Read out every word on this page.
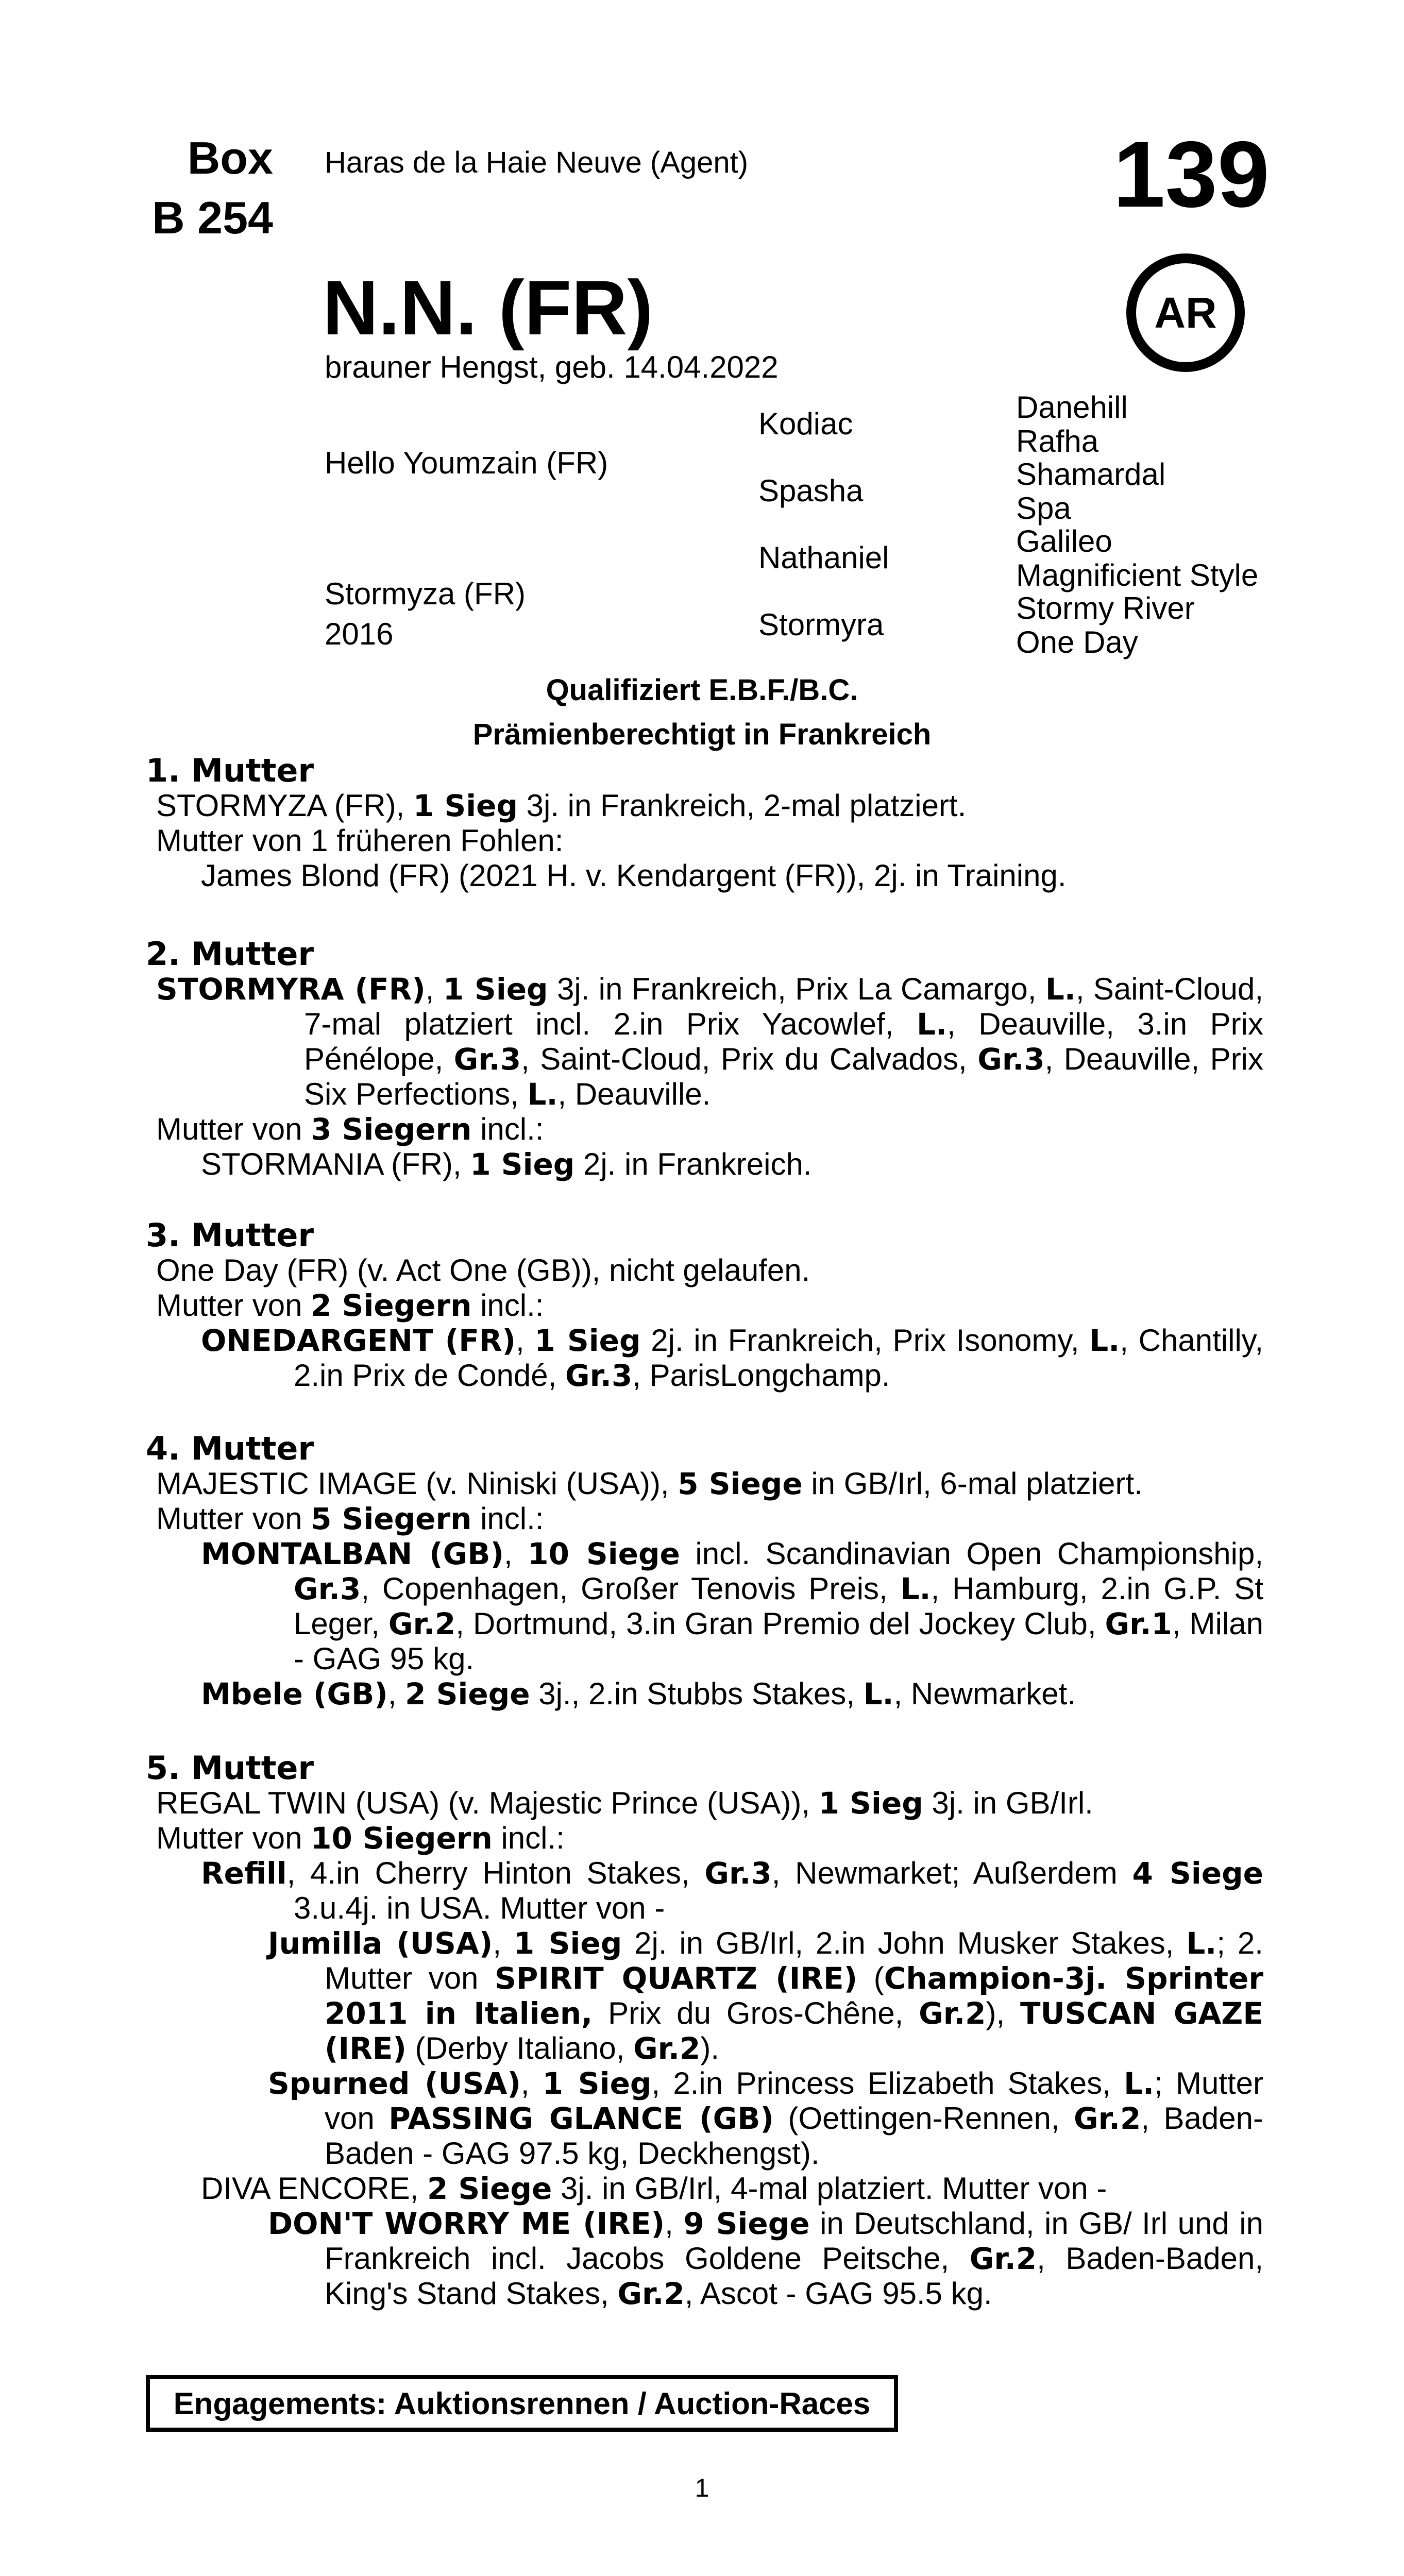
Box
B 254
Haras de la Haie Neuve (Agent)	139
AR
N.N. (FR)
brauner Hengst, geb. 14.04.2022
Hello Youmzain (FR)
Stormyza (FR)
2016
Kodiac
Spasha
Nathaniel
Stormyra
Danehill
Rafha
Shamardal
Spa
Galileo
Magnificient Style
Stormy River
One Day
Qualifiziert E.B.F./B.C.
Prämienberechtigt in Frankreich
1. Mutter
STORMYZA (FR), 1 Sieg 3j. in Frankreich, 2-mal platziert.
Mutter von 1 früheren Fohlen:
James Blond (FR) (2021 H. v. Kendargent (FR)), 2j. in Training.
2. Mutter
STORMYRA (FR), 1 Sieg 3j. in Frankreich, Prix La Camargo, L., Saint-Cloud, 7-mal platziert incl. 2.in Prix Yacowlef, L., Deauville, 3.in Prix Pénélope, Gr.3, Saint-Cloud, Prix du Calvados, Gr.3, Deauville, Prix Six Perfections, L., Deauville.
Mutter von 3 Siegern incl.:
STORMANIA (FR), 1 Sieg 2j. in Frankreich.
3. Mutter
One Day (FR) (v. Act One (GB)), nicht gelaufen.
Mutter von 2 Siegern incl.:
ONEDARGENT (FR), 1 Sieg 2j. in Frankreich, Prix Isonomy, L., Chantilly, 2.in Prix de Condé, Gr.3, ParisLongchamp.
4. Mutter
MAJESTIC IMAGE (v. Niniski (USA)), 5 Siege in GB/Irl, 6-mal platziert.
Mutter von 5 Siegern incl.:
MONTALBAN (GB), 10 Siege incl. Scandinavian Open Championship, Gr.3, Copenhagen, Großer Tenovis Preis, L., Hamburg, 2.in G.P. St Leger, Gr.2, Dortmund, 3.in Gran Premio del Jockey Club, Gr.1, Milan - GAG 95 kg.
Mbele (GB), 2 Siege 3j., 2.in Stubbs Stakes, L., Newmarket.
5. Mutter
REGAL TWIN (USA) (v. Majestic Prince (USA)), 1 Sieg 3j. in GB/Irl.
Mutter von 10 Siegern incl.:
Refill, 4.in Cherry Hinton Stakes, Gr.3, Newmarket; Außerdem 4 Siege 3.u.4j. in USA. Mutter von -
Jumilla (USA), 1 Sieg 2j. in GB/Irl, 2.in John Musker Stakes, L.; 2. Mutter von SPIRIT QUARTZ (IRE) (Champion-3j. Sprinter 2011 in Italien, Prix du Gros-Chêne, Gr.2), TUSCAN GAZE (IRE) (Derby Italiano, Gr.2).
Spurned (USA), 1 Sieg, 2.in Princess Elizabeth Stakes, L.; Mutter von PASSING GLANCE (GB) (Oettingen-Rennen, Gr.2, Baden-Baden - GAG 97.5 kg, Deckhengst).
DIVA ENCORE, 2 Siege 3j. in GB/Irl, 4-mal platziert. Mutter von -
DON'T WORRY ME (IRE), 9 Siege in Deutschland, in GB/ Irl und in Frankreich incl. Jacobs Goldene Peitsche, Gr.2, Baden-Baden, King's Stand Stakes, Gr.2, Ascot - GAG 95.5 kg.
Engagements: Auktionsrennen / Auction-Races
1
